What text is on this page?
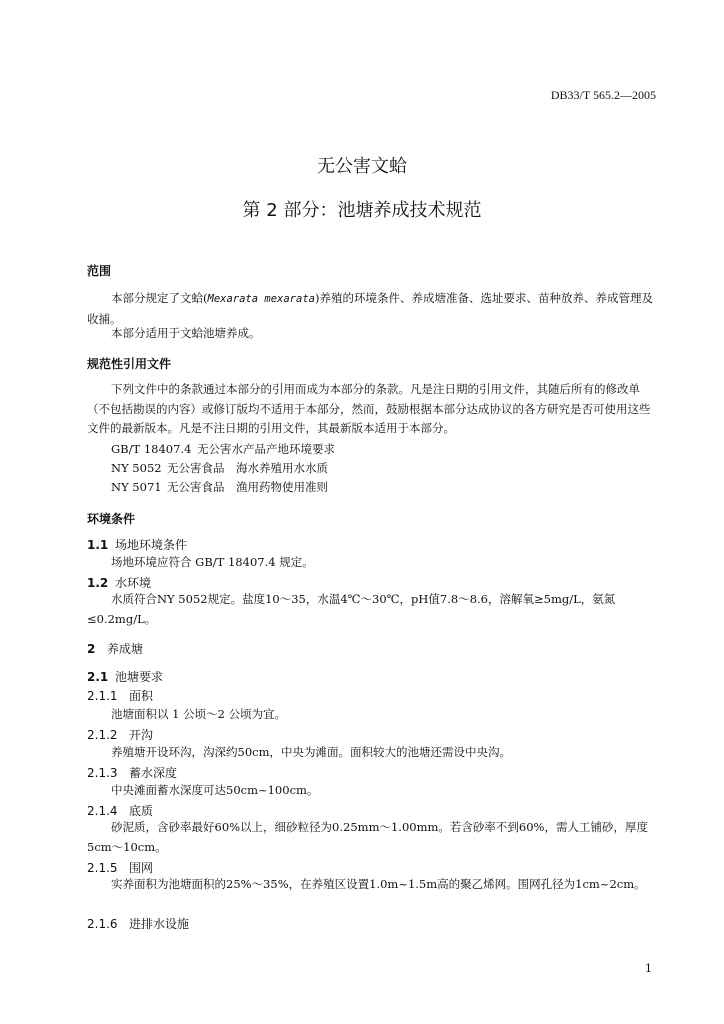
DB33/T 565.2—2005
无公害文蛤
第 2 部分：池塘养成技术规范
范围
本部分规定了文蛤(Mexarata mexarata)养殖的环境条件、养成塘准备、选址要求、苗种放养、养成管理及收捕。
本部分适用于文蛤池塘养成。
规范性引用文件
下列文件中的条款通过本部分的引用而成为本部分的条款。凡是注日期的引用文件，其随后所有的修改单（不包括勘误的内容）或修订版均不适用于本部分，然而，鼓励根据本部分达成协议的各方研究是否可使用这些文件的最新版本。凡是不注日期的引用文件，其最新版本适用于本部分。
GB/T 18407.4 无公害水产品产地环境要求
NY 5052 无公害食品　海水养殖用水水质
NY 5071 无公害食品　渔用药物使用准则
环境条件
1.1 场地环境条件
场地环境应符合 GB/T 18407.4 规定。
1.2 水环境
水质符合NY 5052规定。盐度10～35，水温4℃～30℃，pH值7.8～8.6，溶解氧≥5mg/L，氨氮≤0.2mg/L。
2 养成塘
2.1 池塘要求
2.1.1 面积
池塘面积以 1 公顷～2 公顷为宜。
2.1.2 开沟
养殖塘开设环沟，沟深约50cm，中央为滩面。面积较大的池塘还需设中央沟。
2.1.3 蓄水深度
中央滩面蓄水深度可达50cm~100cm。
2.1.4 底质
砂泥质，含砂率最好60%以上，细砂粒径为0.25mm～1.00mm。若含砂率不到60%，需人工铺砂，厚度5cm～10cm。
2.1.5 围网
实养面积为池塘面积的25%～35%，在养殖区设置1.0m~1.5m高的聚乙烯网。围网孔径为1cm~2cm。
2.1.6 进排水设施
1
